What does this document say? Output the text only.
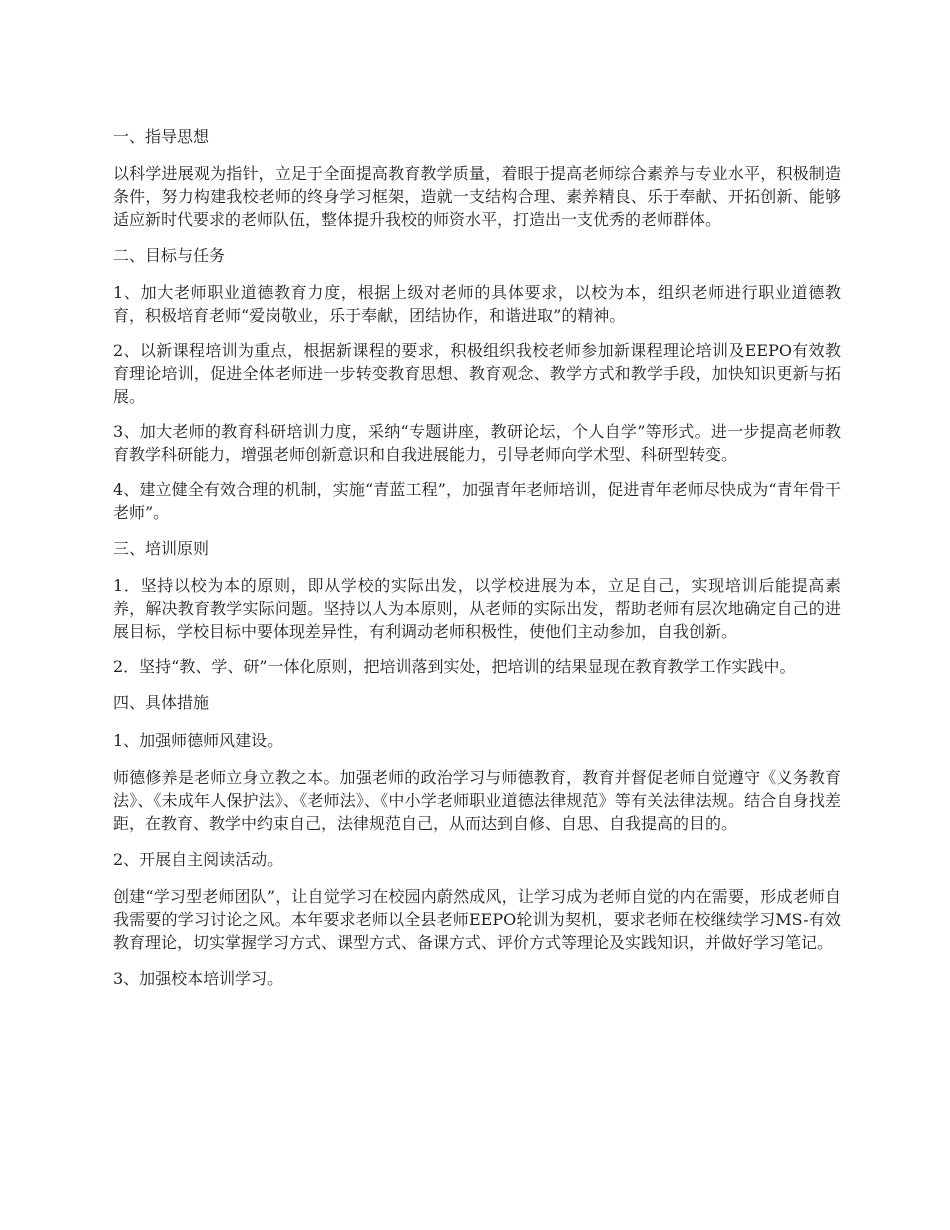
一、指导思想
以科学进展观为指针，立足于全面提高教育教学质量，着眼于提高老师综合素养与专业水平，积极制造条件，努力构建我校老师的终身学习框架，造就一支结构合理、素养精良、乐于奉献、开拓创新、能够适应新时代要求的老师队伍，整体提升我校的师资水平，打造出一支优秀的老师群体。
二、目标与任务
1、加大老师职业道德教育力度，根据上级对老师的具体要求，以校为本，组织老师进行职业道德教育，积极培育老师“爱岗敬业，乐于奉献，团结协作，和谐进取”的精神。
2、以新课程培训为重点，根据新课程的要求，积极组织我校老师参加新课程理论培训及EEPO有效教育理论培训，促进全体老师进一步转变教育思想、教育观念、教学方式和教学手段，加快知识更新与拓展。
3、加大老师的教育科研培训力度，采纳“专题讲座，教研论坛，个人自学”等形式。进一步提高老师教育教学科研能力，增强老师创新意识和自我进展能力，引导老师向学术型、科研型转变。
4、建立健全有效合理的机制，实施“青蓝工程”，加强青年老师培训，促进青年老师尽快成为“青年骨干老师”。
三、培训原则
1．坚持以校为本的原则，即从学校的实际出发，以学校进展为本，立足自己，实现培训后能提高素养，解决教育教学实际问题。坚持以人为本原则，从老师的实际出发，帮助老师有层次地确定自己的进展目标，学校目标中要体现差异性，有利调动老师积极性，使他们主动参加，自我创新。
2．坚持“教、学、研”一体化原则，把培训落到实处，把培训的结果显现在教育教学工作实践中。
四、具体措施
1、加强师德师风建设。
师德修养是老师立身立教之本。加强老师的政治学习与师德教育，教育并督促老师自觉遵守《义务教育法》、《未成年人保护法》、《老师法》、《中小学老师职业道德法律规范》等有关法律法规。结合自身找差距，在教育、教学中约束自己，法律规范自己，从而达到自修、自思、自我提高的目的。
2、开展自主阅读活动。
创建“学习型老师团队”，让自觉学习在校园内蔚然成风，让学习成为老师自觉的内在需要，形成老师自我需要的学习讨论之风。本年要求老师以全县老师EEPO轮训为契机，要求老师在校继续学习MS-有效教育理论，切实掌握学习方式、课型方式、备课方式、评价方式等理论及实践知识，并做好学习笔记。
3、加强校本培训学习。
